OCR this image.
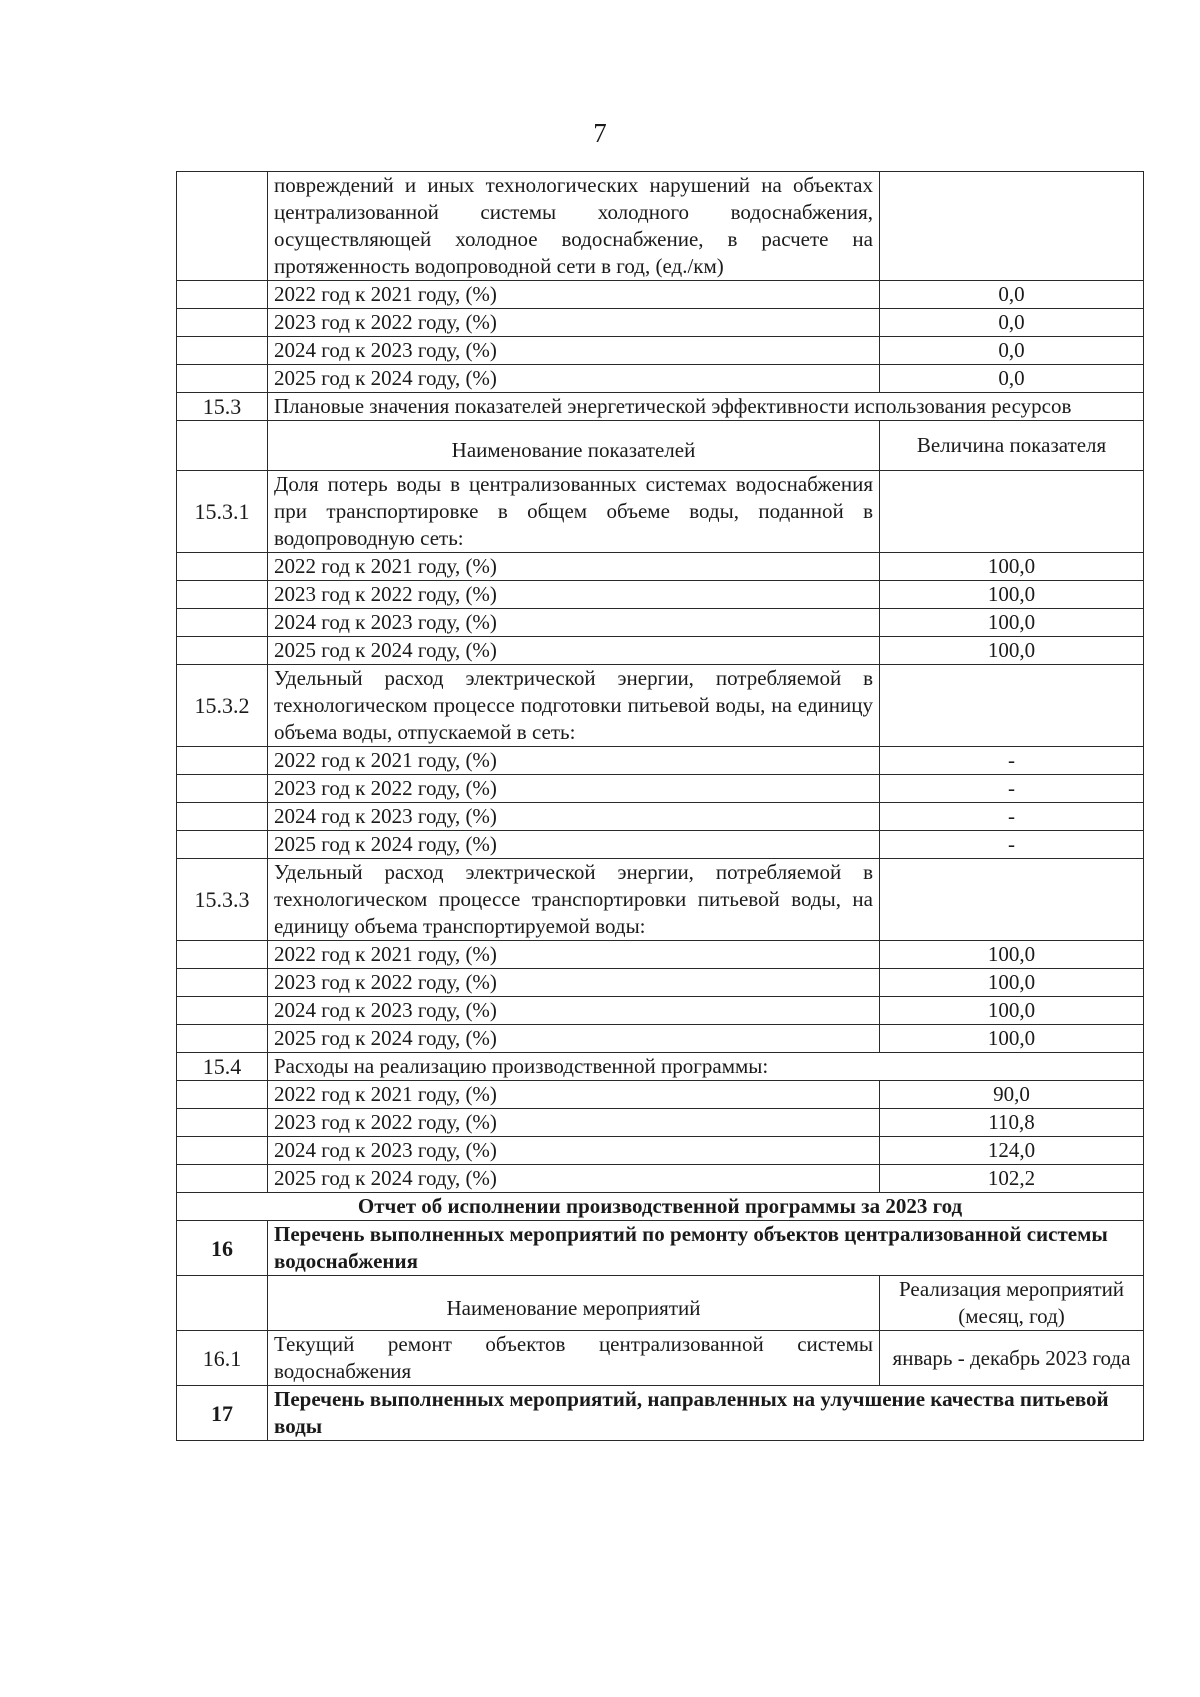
7
	повреждений и иных технологических нарушений на объектах централизованной системы холодного водоснабжения, осуществляющей холодное водоснабжение, в расчете на протяженность водопроводной сети в год, (ед./км)	
	2022 год к 2021 году, (%)	0,0
	2023 год к 2022 году, (%)	0,0
	2024 год к 2023 году, (%)	0,0
	2025 год к 2024 году, (%)	0,0
15.3	Плановые значения показателей энергетической эффективности использования ресурсов	
	Наименование показателей	Величина показателя
15.3.1	Доля потерь воды в централизованных системах водоснабжения при транспортировке в общем объеме воды, поданной в водопроводную сеть:	
	2022 год к 2021 году, (%)	100,0
	2023 год к 2022 году, (%)	100,0
	2024 год к 2023 году, (%)	100,0
	2025 год к 2024 году, (%)	100,0
15.3.2	Удельный расход электрической энергии, потребляемой в технологическом процессе подготовки питьевой воды, на единицу объема воды, отпускаемой в сеть:	
	2022 год к 2021 году, (%)	-
	2023 год к 2022 году, (%)	-
	2024 год к 2023 году, (%)	-
	2025 год к 2024 году, (%)	-
15.3.3	Удельный расход электрической энергии, потребляемой в технологическом процессе транспортировки питьевой воды, на единицу объема транспортируемой воды:	
	2022 год к 2021 году, (%)	100,0
	2023 год к 2022 году, (%)	100,0
	2024 год к 2023 году, (%)	100,0
	2025 год к 2024 году, (%)	100,0
15.4	Расходы на реализацию производственной программы:	
	2022 год к 2021 году, (%)	90,0
	2023 год к 2022 году, (%)	110,8
	2024 год к 2023 году, (%)	124,0
	2025 год к 2024 году, (%)	102,2
Отчет об исполнении производственной программы за 2023 год		
16	Перечень выполненных мероприятий по ремонту объектов централизованной системы водоснабжения	
	Наименование мероприятий	Реализация мероприятий (месяц, год)
16.1	Текущий ремонт объектов централизованной системы водоснабжения	январь - декабрь 2023 года
17	Перечень выполненных мероприятий, направленных на улучшение качества питьевой воды	
